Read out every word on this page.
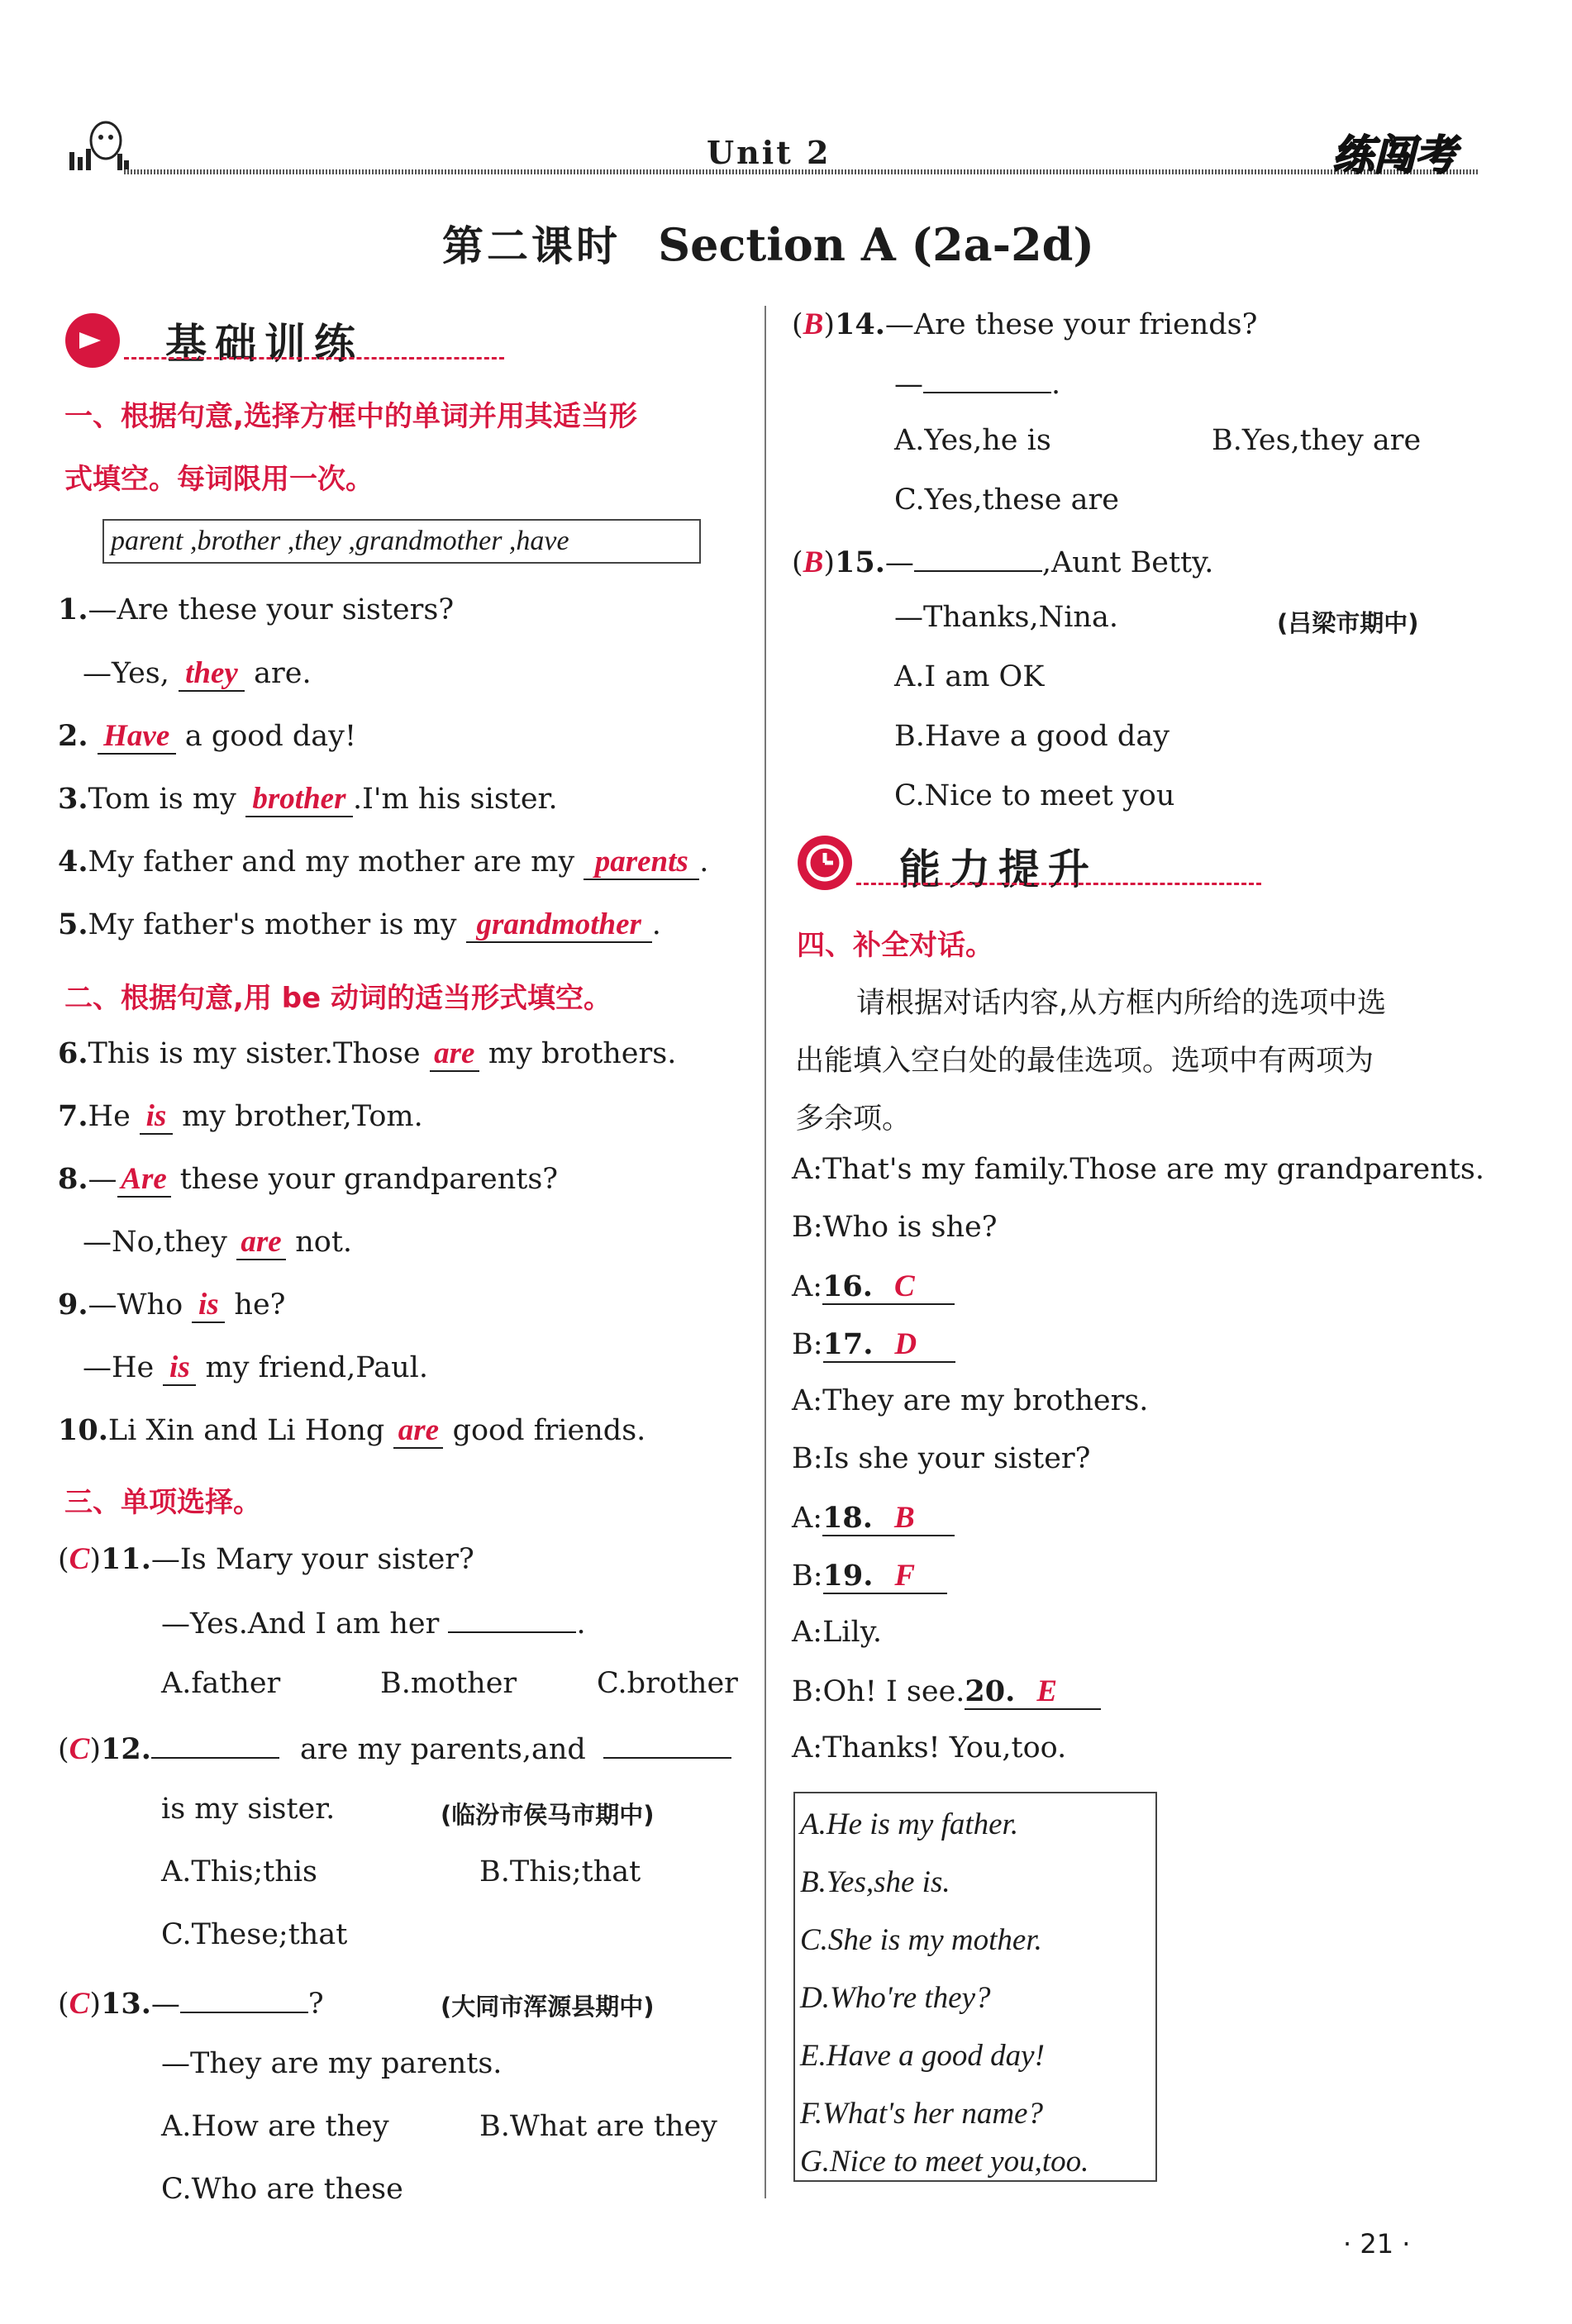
Unit 2	练闯考
第二课时 Section A (2a-2d)
基础训练
一、根据句意,选择方框中的单词并用其适当形
式填空。每词限用一次。
parent ,brother ,they ,grandmother ,have
1.—Are these your sisters?
—Yes, they are.
2. Have a good day!
3.Tom is my brother .I'm his sister.
4.My father and my mother are my parents .
5.My father's mother is my grandmother .
二、根据句意,用 be 动词的适当形式填空。
6.This is my sister.Those are my brothers.
7.He is my brother,Tom.
8.— Are these your grandparents?
—No,they are not.
9.—Who is he?
—He is my friend,Paul.
10.Li Xin and Li Hong are good friends.
三、单项选择。
(C)11.—Is Mary your sister?
—Yes.And I am her	.
A.father	B.mother	C.brother
(C)12.	are my parents,and
is my sister.	(临汾市侯马市期中)
A.This;this	B.This;that
C.These;that
(C)13.—	?	(大同市浑源县期中)
—They are my parents.
A.How are they	B.What are they
C.Who are these
(B)14.—Are these your friends?
—	.
A.Yes,he is	B.Yes,they are
C.Yes,these are
(B)15.—	,Aunt Betty.
—Thanks,Nina.	(吕梁市期中)
A.I am OK
B.Have a good day
C.Nice to meet you
能力提升
四、补全对话。
请根据对话内容,从方框内所给的选项中选
出能填入空白处的最佳选项。选项中有两项为
多余项。
A:That's my family.Those are my grandparents.
B:Who is she?
A:16. C
B:17. D
A:They are my brothers.
B:Is she your sister?
A:18. B
B:19. F
A:Lily.
B:Oh! I see.20. E
A:Thanks! You,too.
A.He is my father.
B.Yes,she is.
C.She is my mother.
D.Who're they?
E.Have a good day!
F.What's her name?
G.Nice to meet you,too.
· 21 ·
